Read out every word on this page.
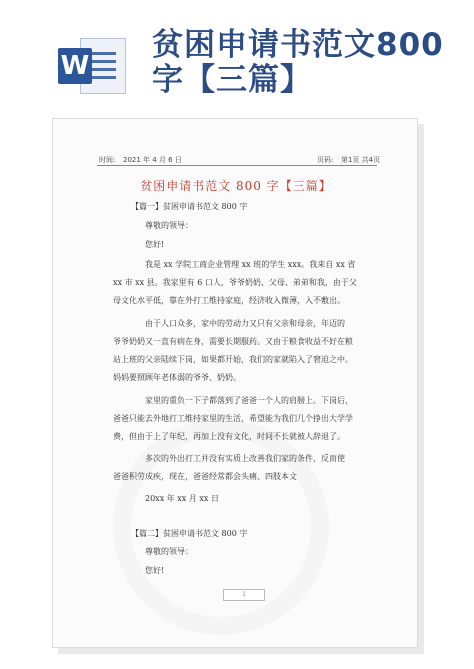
W
贫困申请书范文800字【三篇】
时间: 2021 年 4 月 6 日	页码: 第1页 共4页
贫困申请书范文 800 字【三篇】
【篇一】贫困申请书范文 800 字
尊敬的领导：
您好!
我是 xx 学院工商企业管理 xx 班的学生 xxx。我来自 xx 省
xx 市 xx 县。我家里有 6 口人，爷爷奶奶、父母、弟弟和我，由于父
母文化水平低，靠在外打工维持家庭，经济收入微薄，入不敷出。
由于人口众多，家中的劳动力又只有父亲和母亲，年迈的
爷爷奶奶又一直有病在身，需要长期服药。又由于粮食收益不好在粮
站上班的父亲陆续下岗，如果都开始，我们的家就陷入了窘迫之中。
妈妈要照顾年老体弱的爷爷、奶奶。
家里的重负一下子都落到了爸爸一个人的肩膀上。下岗后，
爸爸只能去外地打工维持家里的生活，希望能为我们几个挣出大学学
费，但由于上了年纪，再加上没有文化，时间不长就被人辞退了。
多次的外出打工并没有实质上改善我们家的条件，反而使
爸爸积劳成疾，现在，爸爸经常都会头痛、四肢本文
20xx 年 xx 月 xx 日
【篇二】贫困申请书范文 800 字
尊敬的领导：
您好!
1
